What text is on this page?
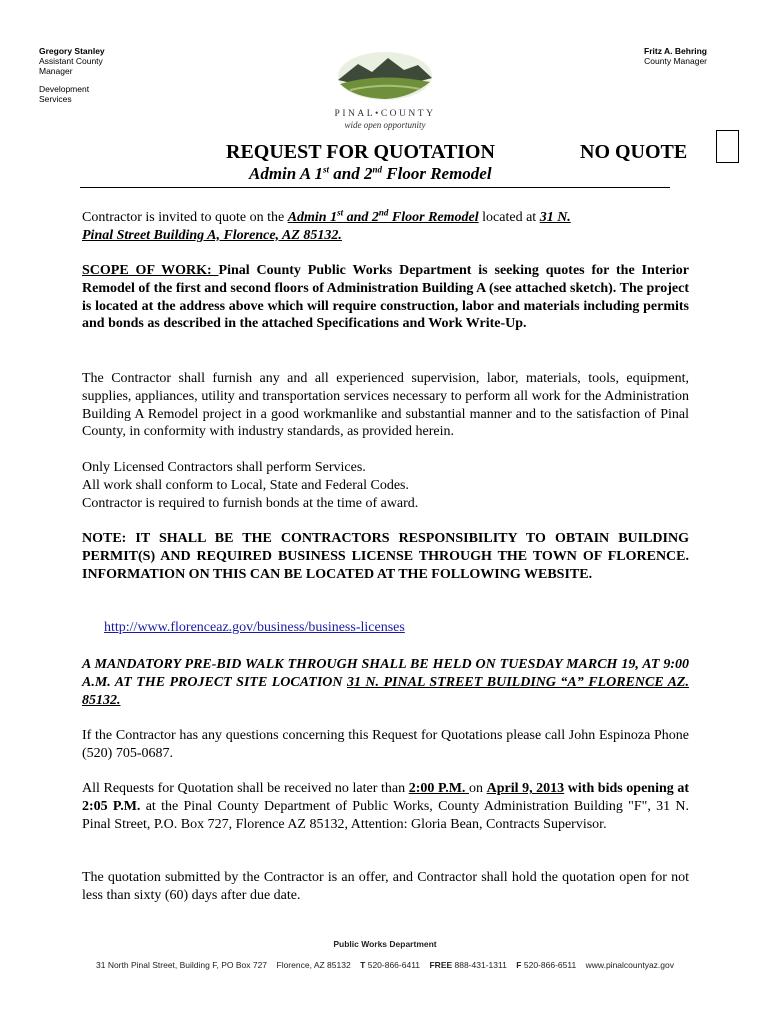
Gregory Stanley
Assistant County
Manager
Development
Services
Fritz A. Behring
County Manager
PINAL•COUNTY
wide open opportunity
REQUEST FOR QUOTATION	NO QUOTE
Admin A 1st and 2nd Floor Remodel
Contractor is invited to quote on the Admin 1st and 2nd Floor Remodel located at 31 N.
Pinal Street Building A, Florence, AZ 85132.
SCOPE OF WORK: Pinal County Public Works Department is seeking quotes for the Interior Remodel of the first and second floors of Administration Building A (see attached sketch). The project is located at the address above which will require construction, labor and materials including permits and bonds as described in the attached Specifications and Work Write-Up.
The Contractor shall furnish any and all experienced supervision, labor, materials, tools, equipment, supplies, appliances, utility and transportation services necessary to perform all work for the Administration Building A Remodel project in a good workmanlike and substantial manner and to the satisfaction of Pinal County, in conformity with industry standards, as provided herein.
Only Licensed Contractors shall perform Services.
All work shall conform to Local, State and Federal Codes.
Contractor is required to furnish bonds at the time of award.
NOTE: IT SHALL BE THE CONTRACTORS RESPONSIBILITY TO OBTAIN BUILDING PERMIT(S) AND REQUIRED BUSINESS LICENSE THROUGH THE TOWN OF FLORENCE. INFORMATION ON THIS CAN BE LOCATED AT THE FOLLOWING WEBSITE.
http://www.florenceaz.gov/business/business-licenses
A MANDATORY PRE-BID WALK THROUGH SHALL BE HELD ON TUESDAY MARCH 19, AT 9:00 A.M. AT THE PROJECT SITE LOCATION 31 N. PINAL STREET BUILDING “A” FLORENCE AZ. 85132.
If the Contractor has any questions concerning this Request for Quotations please call John Espinoza Phone (520) 705-0687.
All Requests for Quotation shall be received no later than 2:00 P.M. on April 9, 2013 with bids opening at 2:05 P.M. at the Pinal County Department of Public Works, County Administration Building "F", 31 N. Pinal Street, P.O. Box 727, Florence AZ 85132, Attention: Gloria Bean, Contracts Supervisor.
The quotation submitted by the Contractor is an offer, and Contractor shall hold the quotation open for not less than sixty (60) days after due date.
Public Works Department
31 North Pinal Street, Building F, PO Box 727 Florence, AZ 85132 T 520-866-6411 FREE 888-431-1311 F 520-866-6511 www.pinalcountyaz.gov
